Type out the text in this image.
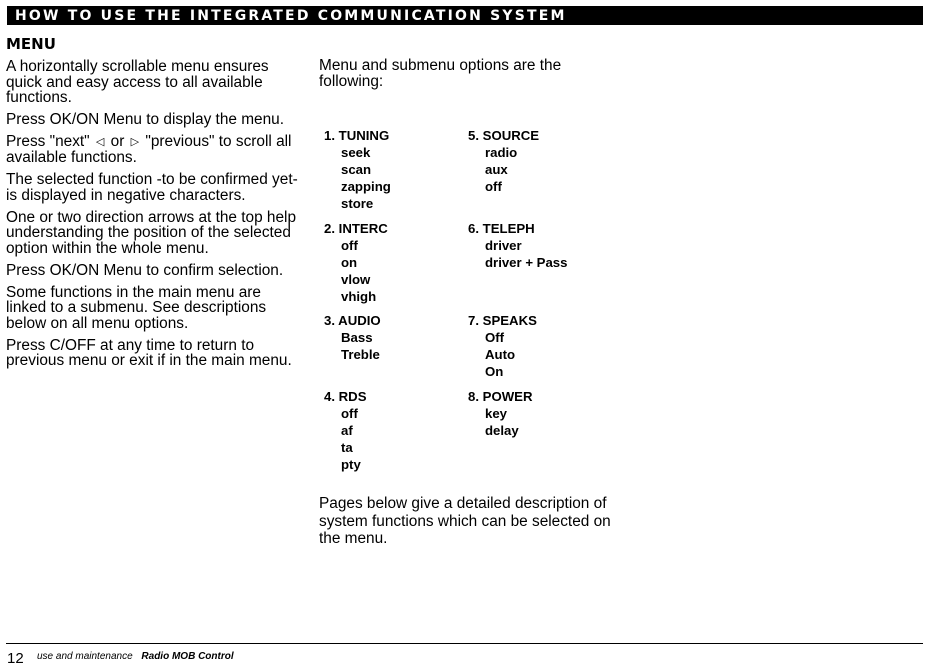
HOW TO USE THE INTEGRATED COMMUNICATION SYSTEM
MENU

A horizontally scrollable menu ensures quick and easy access to all available functions.

Press OK/ON Menu to display the menu.

Press "next" ◁ or ▷ "previous" to scroll all available functions.

The selected function -to be confirmed yet- is displayed in negative characters.

One or two direction arrows at the top help understanding the position of the selected option within the whole menu.

Press OK/ON Menu to confirm selection.

Some functions in the main menu are linked to a submenu. See descriptions below on all menu options.

Press C/OFF at any time to return to previous menu or exit if in the main menu.

Menu and submenu options are the following:
1. TUNING
seek
scan
zapping
store
2. INTERC
off
on
vlow
vhigh
3. AUDIO
Bass
Treble
4. RDS
off
af
ta
pty
5. SOURCE
radio
aux
off
6. TELEPH
driver
driver + Pass
7. SPEAKS
Off
Auto
On
8. POWER
key
delay
Pages below give a detailed description of system functions which can be selected on the menu.
12 use and maintenance Radio MOB Control
